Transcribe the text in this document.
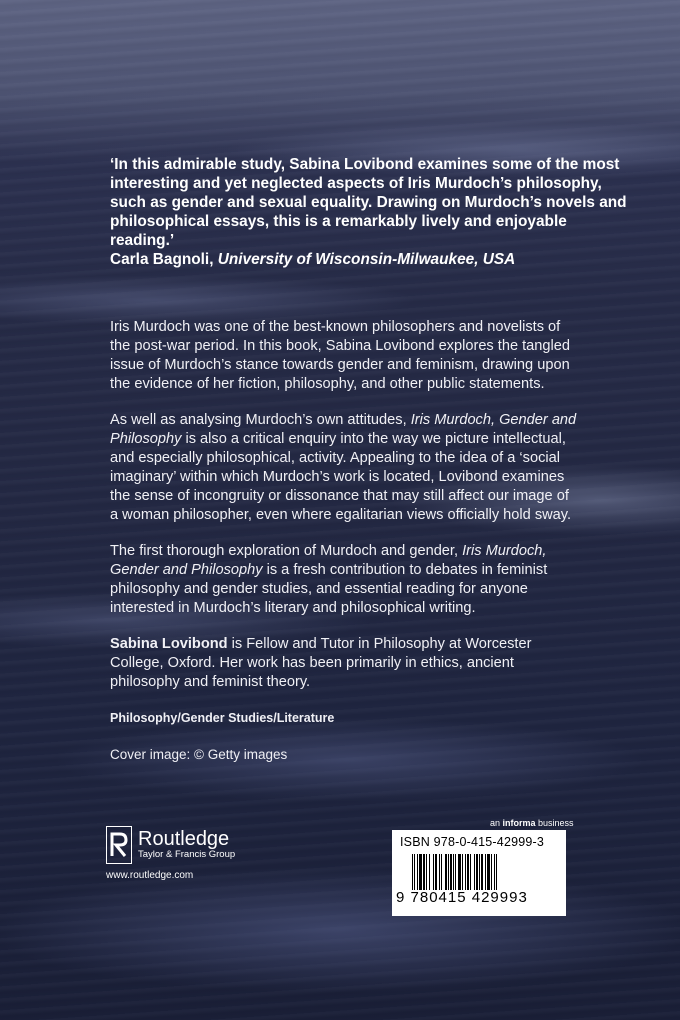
‘In this admirable study, Sabina Lovibond examines some of the most interesting and yet neglected aspects of Iris Murdoch’s philosophy, such as gender and sexual equality. Drawing on Murdoch’s novels and philosophical essays, this is a remarkably lively and enjoyable reading.’

Carla Bagnoli, University of Wisconsin-Milwaukee, USA

Iris Murdoch was one of the best-known philosophers and novelists of the post-war period. In this book, Sabina Lovibond explores the tangled issue of Murdoch’s stance towards gender and feminism, drawing upon the evidence of her fiction, philosophy, and other public statements.

As well as analysing Murdoch’s own attitudes, Iris Murdoch, Gender and Philosophy is also a critical enquiry into the way we picture intellectual, and especially philosophical, activity. Appealing to the idea of a ‘social imaginary’ within which Murdoch’s work is located, Lovibond examines the sense of incongruity or dissonance that may still affect our image of a woman philosopher, even where egalitarian views officially hold sway.

The first thorough exploration of Murdoch and gender, Iris Murdoch, Gender and Philosophy is a fresh contribution to debates in feminist philosophy and gender studies, and essential reading for anyone interested in Murdoch’s literary and philosophical writing.

Sabina Lovibond is Fellow and Tutor in Philosophy at Worcester College, Oxford. Her work has been primarily in ethics, ancient philosophy and feminist theory.

Philosophy/Gender Studies/Literature

Cover image: © Getty images

Routledge
Taylor & Francis Group
www.routledge.com
an informa business
ISBN 978-0-415-42999-3
9 780415 429993
